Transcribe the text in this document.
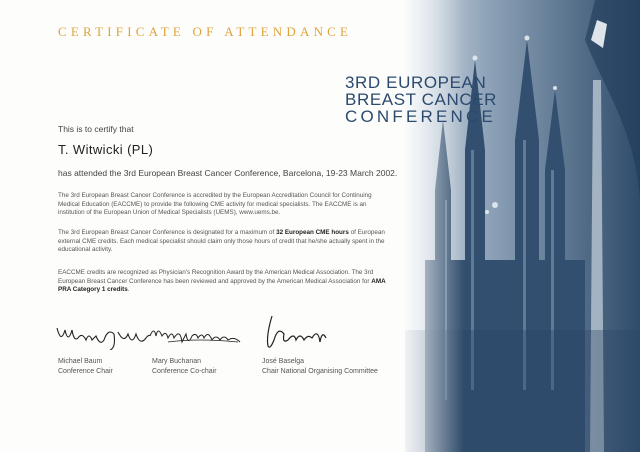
CERTIFICATE OF ATTENDANCE
3RD EUROPEAN
BREAST CANCER
CONFERENCE
This is to certify that
T. Witwicki (PL)
has attended the 3rd European Breast Cancer Conference, Barcelona, 19-23 March 2002.

The 3rd European Breast Cancer Conference is accredited by the European Accreditation Council for Continuing Medical Education (EACCME) to provide the following CME activity for medical specialists. The EACCME is an institution of the European Union of Medical Specialists (UEMS), www.uems.be.

The 3rd European Breast Cancer Conference is designated for a maximum of 32 European CME hours of European external CME credits. Each medical specialist should claim only those hours of credit that he/she actually spent in the educational activity.

EACCME credits are recognized as Physician's Recognition Award by the American Medical Association. The 3rd European Breast Cancer Conference has been reviewed and approved by the American Medical Association for AMA PRA Category 1 credits.

Michael Baum
Conference Chair
Mary Buchanan
Conference Co-chair
José Baselga
Chair National Organising Committee
